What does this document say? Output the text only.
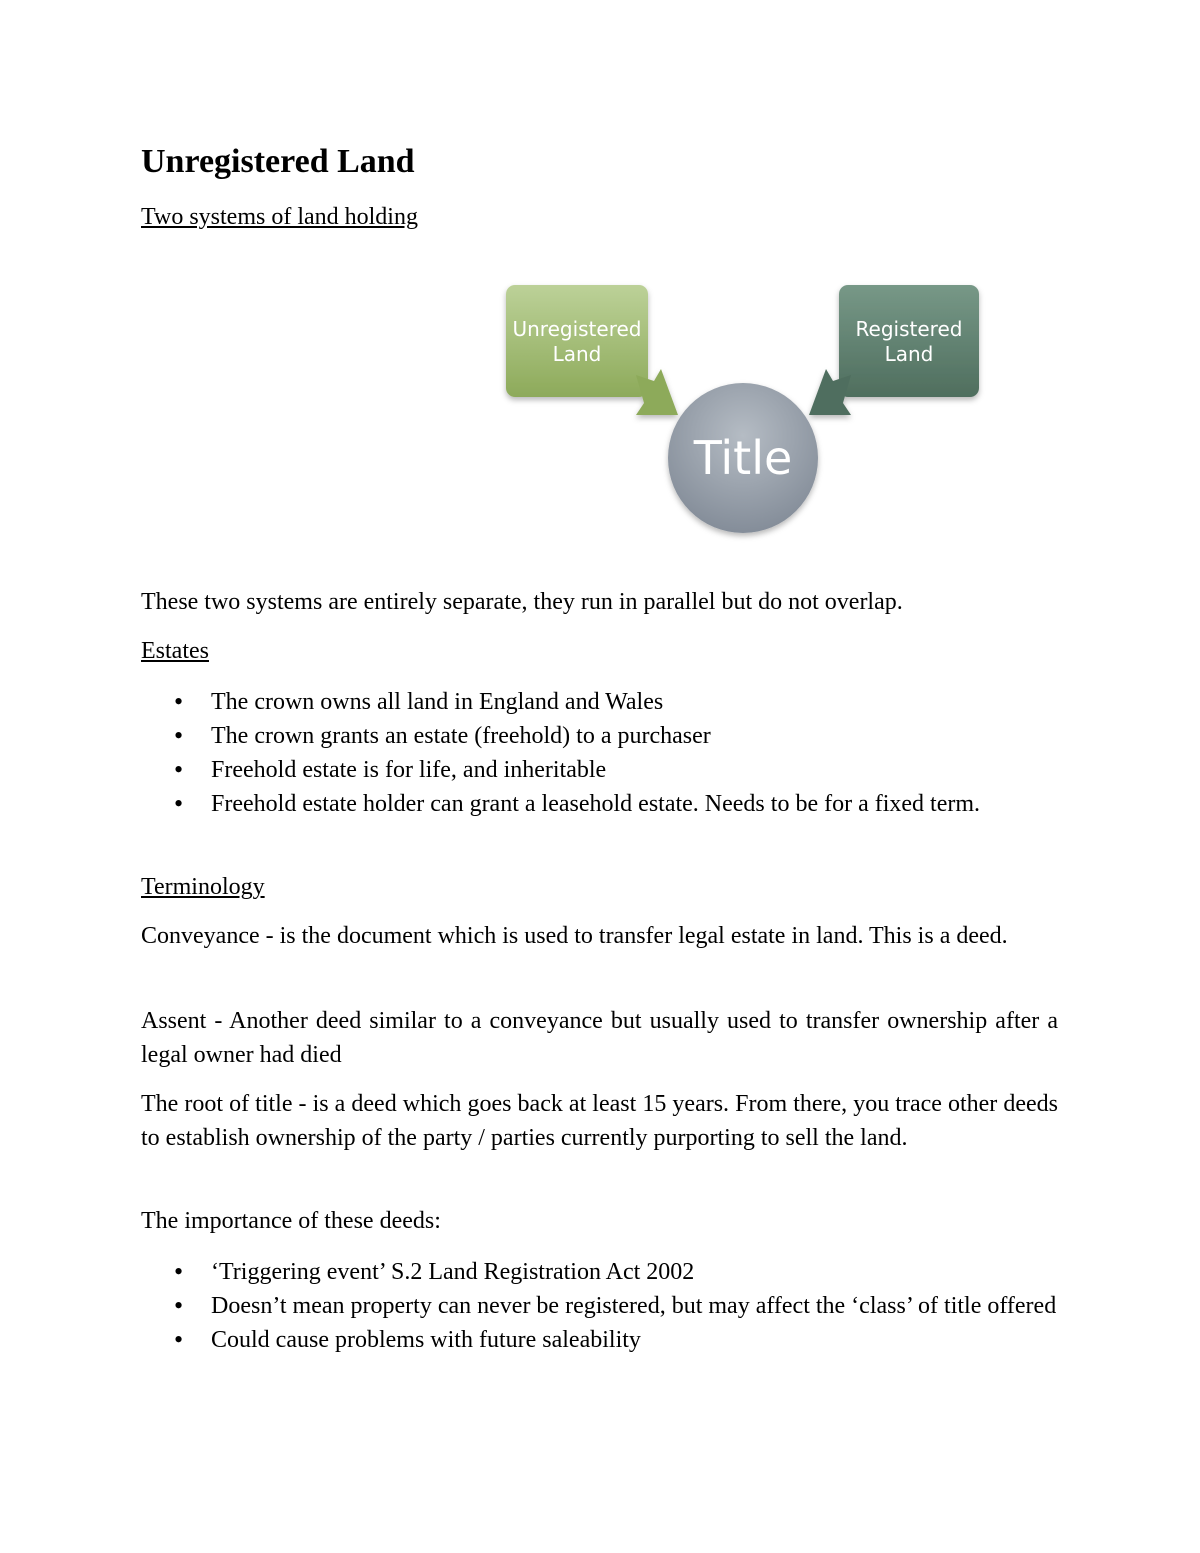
Unregistered Land
Two systems of land holding
Unregistered
Land
Registered
Land
Title

These two systems are entirely separate, they run in parallel but do not overlap.

Estates
• The crown owns all land in England and Wales
• The crown grants an estate (freehold) to a purchaser
• Freehold estate is for life, and inheritable
• Freehold estate holder can grant a leasehold estate. Needs to be for a fixed term.
Terminology

Conveyance - is the document which is used to transfer legal estate in land. This is a deed.

Assent - Another deed similar to a conveyance but usually used to transfer ownership after a legal owner had died

The root of title - is a deed which goes back at least 15 years. From there, you trace other deeds to establish ownership of the party / parties currently purporting to sell the land.

The importance of these deeds:

• ‘Triggering event’ S.2 Land Registration Act 2002
• Doesn’t mean property can never be registered, but may affect the ‘class’ of title offered
• Could cause problems with future saleability
